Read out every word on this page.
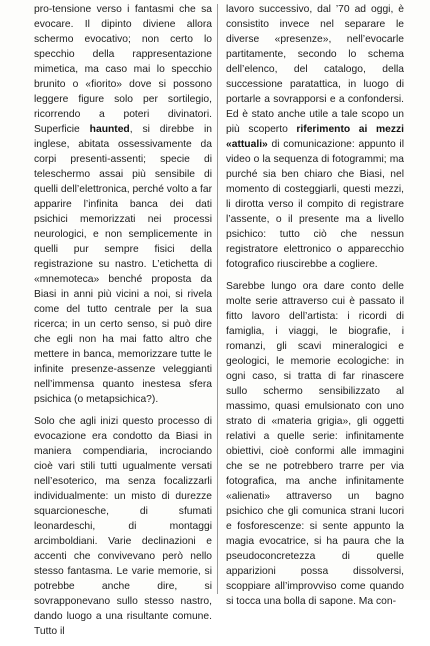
pro-tensione verso i fantasmi che sa evocare. Il dipinto diviene allora schermo evocativo; non certo lo specchio della rappresentazione mimetica, ma caso mai lo specchio brunito o «fiorito» dove si possono leggere figure solo per sortilegio, ricorrendo a poteri divinatori. Superficie haunted, si direbbe in inglese, abitata ossessivamente da corpi presenti-assenti; specie di teleschermo assai più sensibile di quelli dell’elettronica, perché volto a far apparire l’infinita banca dei dati psichici memorizzati nei processi neurologici, e non semplicemente in quelli pur sempre fisici della registrazione su nastro. L’etichetta di «mnemoteca» benché proposta da Biasi in anni più vicini a noi, si rivela come del tutto centrale per la sua ricerca; in un certo senso, si può dire che egli non ha mai fatto altro che mettere in banca, memorizzare tutte le infinite presenze-assenze veleggianti nell’immensa quanto inestesa sfera psichica (o metapsichica?).

Solo che agli inizi questo processo di evocazione era condotto da Biasi in maniera compendiaria, incrociando cioè vari stili tutti ugualmente versati nell’esoterico, ma senza focalizzarli individualmente: un misto di durezze squarcionesche, di sfumati leonardeschi, di montaggi arcimboldiani. Varie declinazioni e accenti che convivevano però nello stesso fantasma. Le varie memorie, si potrebbe anche dire, si sovrapponevano sullo stesso nastro, dando luogo a una risultante comune. Tutto il

lavoro successivo, dal ’70 ad oggi, è consistito invece nel separare le diverse «presenze», nell’evocarle partitamente, secondo lo schema dell’elenco, del catalogo, della successione paratattica, in luogo di portarle a sovrapporsi e a confondersi. Ed è stato anche utile a tale scopo un più scoperto riferimento ai mezzi «attuali» di comunicazione: appunto il video o la sequenza di fotogrammi; ma purché sia ben chiaro che Biasi, nel momento di costeggiarli, questi mezzi, li dirotta verso il compito di registrare l’assente, o il presente ma a livello psichico: tutto ciò che nessun registratore elettronico o apparecchio fotografico riuscirebbe a cogliere.

Sarebbe lungo ora dare conto delle molte serie attraverso cui è passato il fitto lavoro dell’artista: i ricordi di famiglia, i viaggi, le biografie, i romanzi, gli scavi mineralogici e geologici, le memorie ecologiche: in ogni caso, si tratta di far rinascere sullo schermo sensibilizzato al massimo, quasi emulsionato con uno strato di «materia grigia», gli oggetti relativi a quelle serie: infinitamente obiettivi, cioè conformi alle immagini che se ne potrebbero trarre per via fotografica, ma anche infinitamente «alienati» attraverso un bagno psichico che gli comunica strani lucori e fosforescenze: si sente appunto la magia evocatrice, si ha paura che la pseudoconcretezza di quelle apparizioni possa dissolversi, scoppiare all’improvviso come quando si tocca una bolla di sapone. Ma con-
